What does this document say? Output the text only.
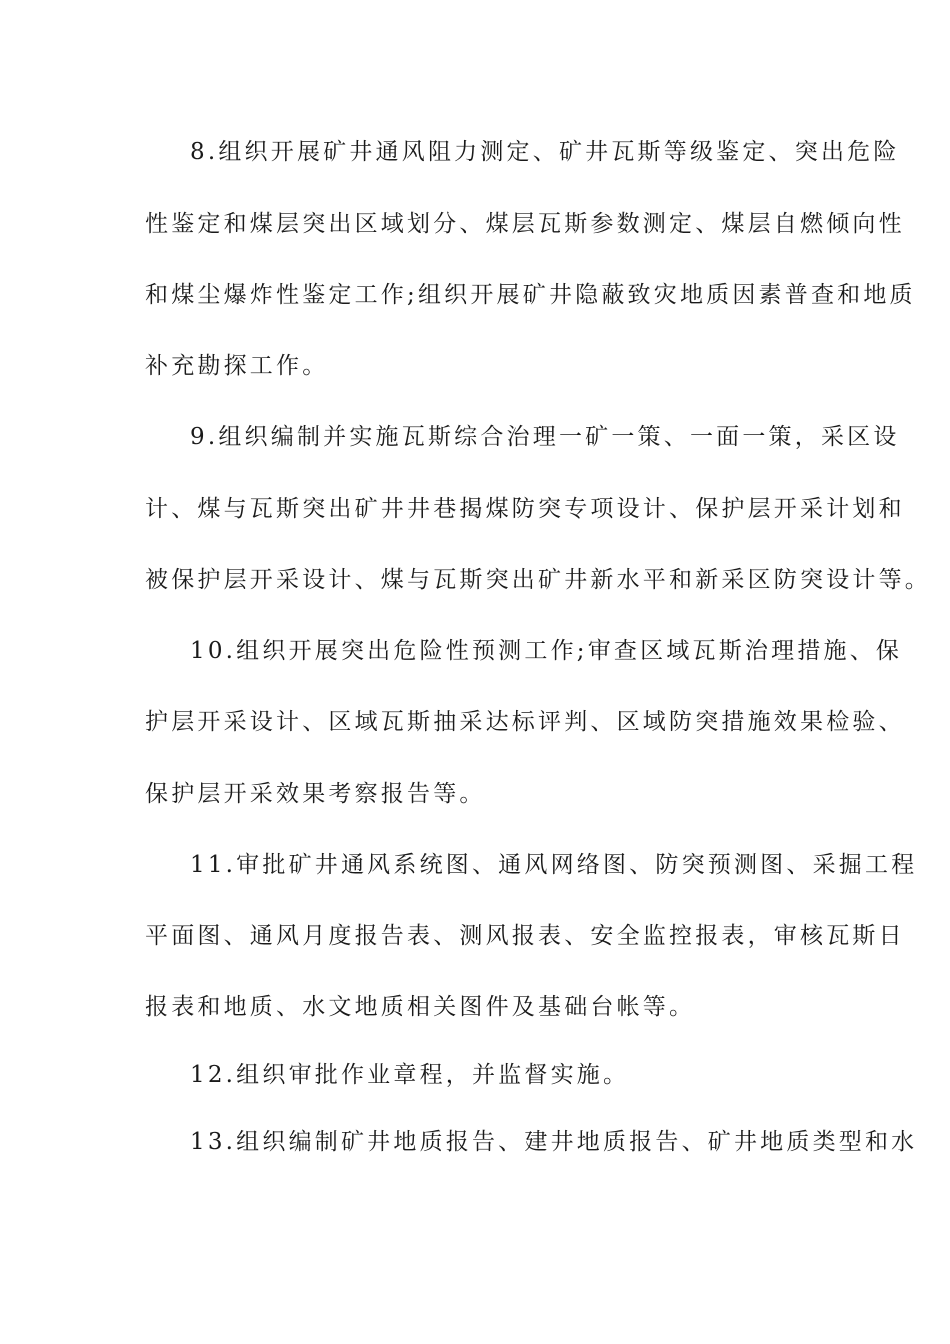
8.组织开展矿井通风阻力测定、矿井瓦斯等级鉴定、突出危险
性鉴定和煤层突出区域划分、煤层瓦斯参数测定、煤层自燃倾向性
和煤尘爆炸性鉴定工作;组织开展矿井隐蔽致灾地质因素普查和地质
补充勘探工作。
9.组织编制并实施瓦斯综合治理一矿一策、一面一策，采区设
计、煤与瓦斯突出矿井井巷揭煤防突专项设计、保护层开采计划和
被保护层开采设计、煤与瓦斯突出矿井新水平和新采区防突设计等。
10.组织开展突出危险性预测工作;审查区域瓦斯治理措施、保
护层开采设计、区域瓦斯抽采达标评判、区域防突措施效果检验、
保护层开采效果考察报告等。
11.审批矿井通风系统图、通风网络图、防突预测图、采掘工程
平面图、通风月度报告表、测风报表、安全监控报表，审核瓦斯日
报表和地质、水文地质相关图件及基础台帐等。
12.组织审批作业章程，并监督实施。
13.组织编制矿井地质报告、建井地质报告、矿井地质类型和水
